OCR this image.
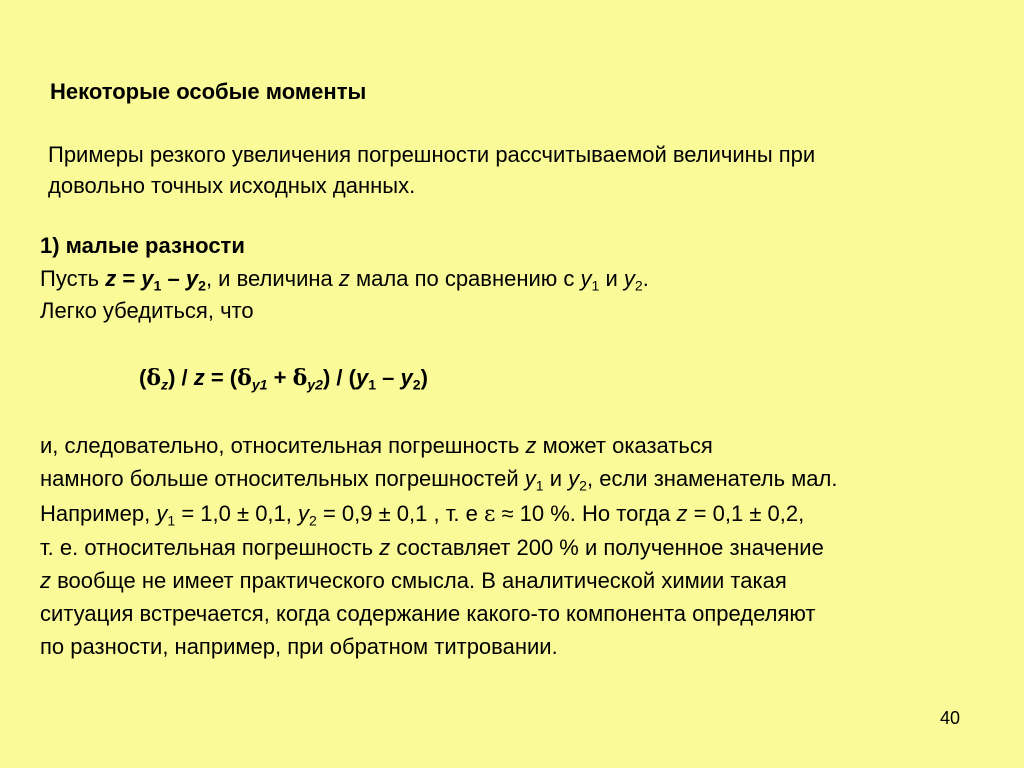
Некоторые особые моменты
Примеры резкого увеличения погрешности рассчитываемой величины при
довольно точных исходных данных.
1) малые разности
Пусть $z = y_1 - y_2$, и величина z мала по сравнению с $y_1$ и $y_2$.
Легко убедиться, что
$(\delta_z) / z = (\delta_{y1} + \delta_{y2}) / (y_1 - y_2)$
и, следовательно, относительная погрешность z может оказаться
намного больше относительных погрешностей $y_1$ и $y_2$, если знаменатель мал.
Например, $y_1 = 1,0 \pm 0,1$, $y_2 = 0,9 \pm 0,1$ , т. е ε ≈ 10 %. Но тогда z = 0,1 ± 0,2,
т. е. относительная погрешность z составляет 200 % и полученное значение
z вообще не имеет практического смысла. В аналитической химии такая
ситуация встречается, когда содержание какого-то компонента определяют
по разности, например, при обратном титровании.
40
